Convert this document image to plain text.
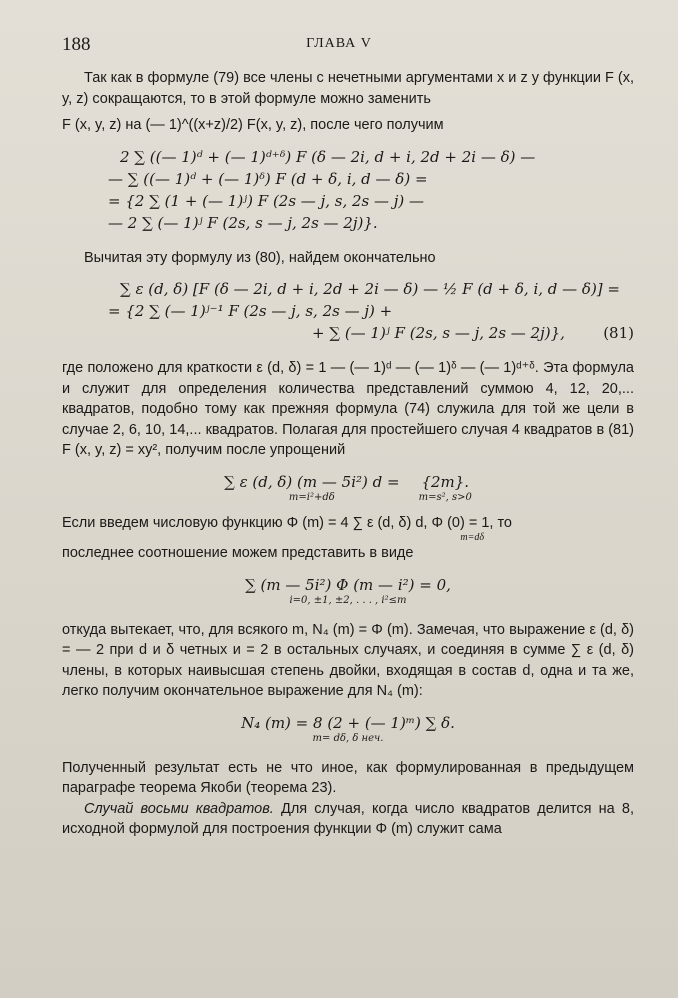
188	ГЛАВА V

Так как в формуле (79) все члены с нечетными аргументами x и z у функции F (x, y, z) сокращаются, то в этой формуле можно заменить

F (x, y, z) на (— 1)^((x+z)/2) F(x, y, z), после чего получим

2 ∑ ((— 1)ᵈ + (— 1)ᵈ⁺ᵟ) F (δ — 2i, d + i, 2d + 2i — δ) —
— ∑ ((— 1)ᵈ + (— 1)ᵟ) F (d + δ, i, d — δ) =
= {2 ∑ (1 + (— 1)ʲ) F (2s — j, s, 2s — j) —
— 2 ∑ (— 1)ʲ F (2s, s — j, 2s — 2j)}.

Вычитая эту формулу из (80), найдем окончательно

∑ ε (d, δ) [F (δ — 2i, d + i, 2d + 2i — δ) — ½ F (d + δ, i, d — δ)] =
= {2 ∑ (— 1)ʲ⁻¹ F (2s — j, s, 2s — j) +
+ ∑ (— 1)ʲ F (2s, s — j, 2s — 2j)},	(81)

где положено для краткости ε (d, δ) = 1 — (— 1)ᵈ — (— 1)ᵟ — (— 1)ᵈ⁺ᵟ. Эта формула и служит для определения количества представлений суммою 4, 12, 20,... квадратов, подобно тому как прежняя формула (74) служила для той же цели в случае 2, 6, 10, 14,... квадратов. Полагая для простейшего случая 4 квадратов в (81) F (x, y, z) = xy², получим после упрощений

∑ ε (d, δ) (m — 5i²) d =
m=i²+dδ
{2m}.
m=s², s>0

Если введем числовую функцию Φ (m) = 4 ∑ ε (d, δ) d, Φ (0) = 1, то

m=dδ

последнее соотношение можем представить в виде

∑ (m — 5i²) Φ (m — i²) = 0,
i=0, ±1, ±2, . . . , i²≤m

откуда вытекает, что, для всякого m, N₄ (m) = Φ (m). Замечая, что выражение ε (d, δ) = — 2 при d и δ четных и = 2 в остальных случаях, и соединяя в сумме ∑ ε (d, δ) члены, в которых наивысшая степень двойки, входящая в состав d, одна и та же, легко получим окончательное выражение для N₄ (m):

N₄ (m) = 8 (2 + (— 1)ᵐ) ∑ δ.
m= dδ, δ неч.

Полученный результат есть не что иное, как формулированная в предыдущем параграфе теорема Якоби (теорема 23).

Случай восьми квадратов. Для случая, когда число квадратов делится на 8, исходной формулой для построения функции Φ (m) служит сама
